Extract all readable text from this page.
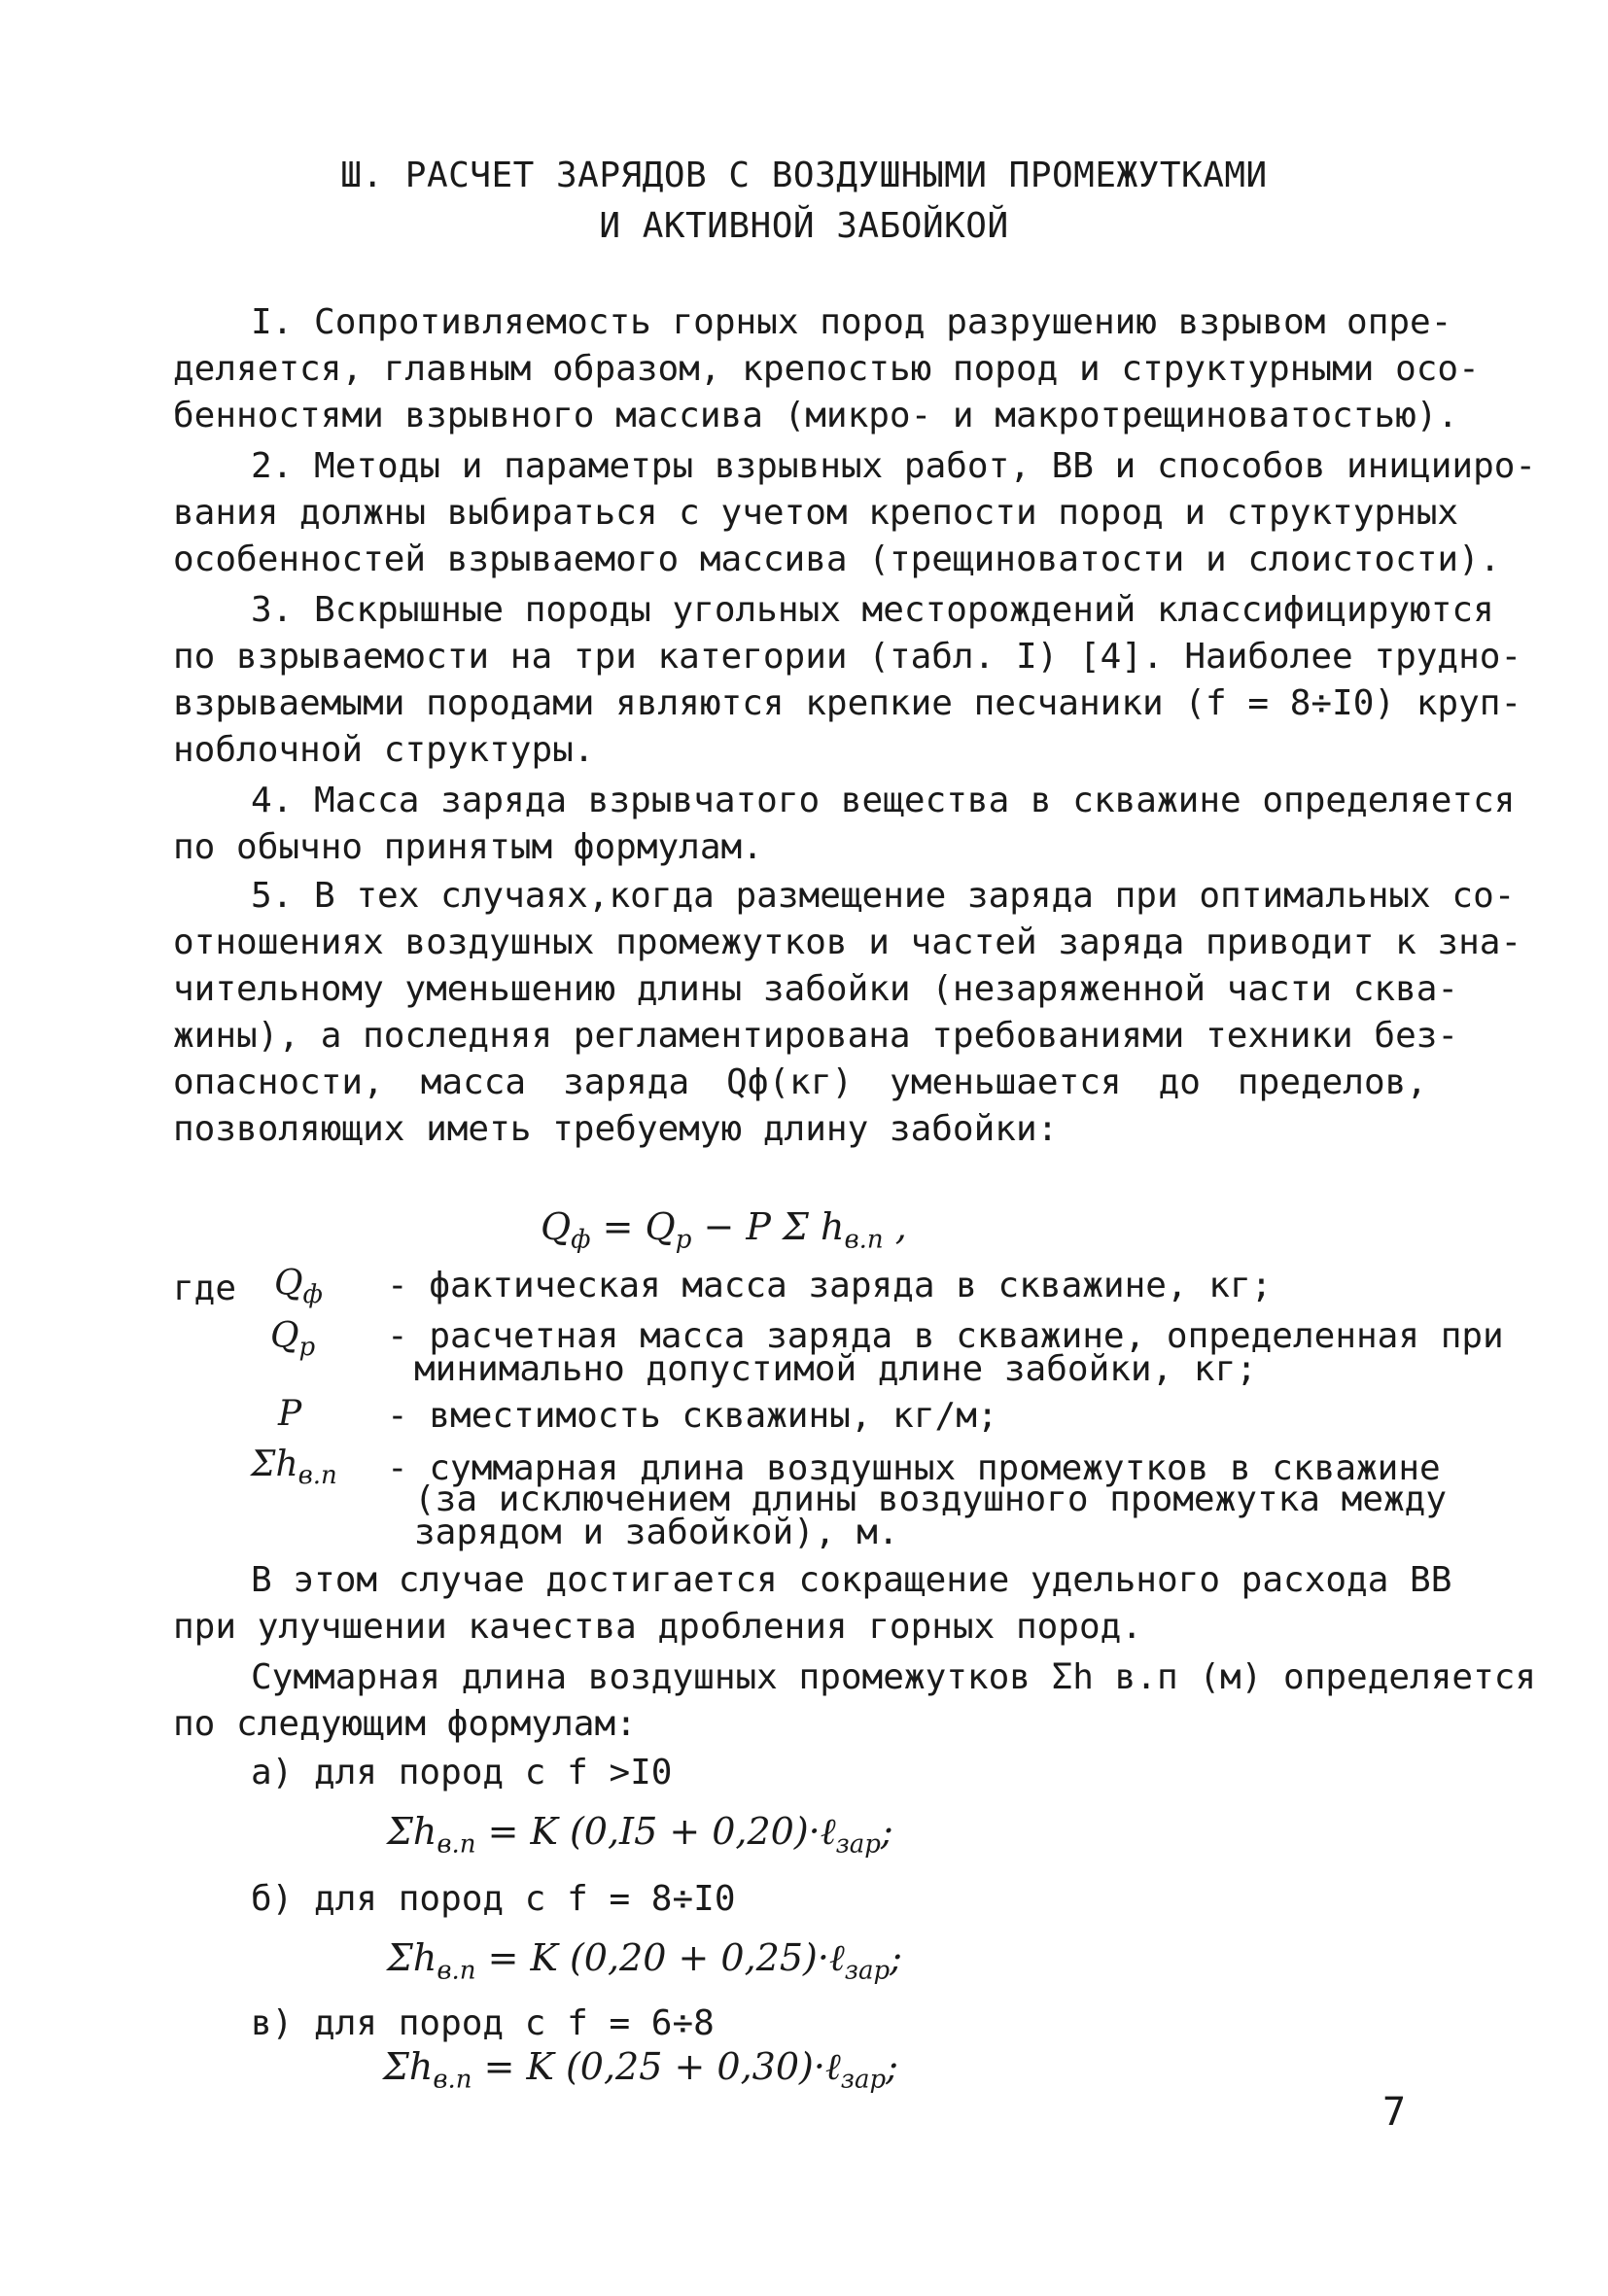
Ш. РАСЧЕТ ЗАРЯДОВ С ВОЗДУШНЫМИ ПРОМЕЖУТКАМИ
И АКТИВНОЙ ЗАБОЙКОЙ
I. Сопротивляемость горных пород разрушению взрывом опре-
деляется, главным образом, крепостью пород и структурными осо-
бенностями взрывного массива (микро- и макротрещиноватостью).
2. Методы и параметры взрывных работ, ВВ и способов иницииро-
вания должны выбираться с учетом крепости пород и структурных
особенностей взрываемого массива (трещиноватости и слоистости).
3. Вскрышные породы угольных месторождений классифицируются
по взрываемости на три категории (табл. I) [4]. Наиболее трудно-
взрываемыми породами являются крепкие песчаники (f = 8÷I0) круп-
ноблочной структуры.
4. Масса заряда взрывчатого вещества в скважине определяется
по обычно принятым формулам.
5. В тех случаях,когда размещение заряда при оптимальных со-
отношениях воздушных промежутков и частей заряда приводит к зна-
чительному уменьшению длины забойки (незаряженной части сква-
жины), а последняя регламентирована требованиями техники без-
опасности, масса заряда Qф(кг) уменьшается до пределов,
позволяющих иметь требуемую длину забойки:
$Q_ф = Q_р - P$ Σ $h_{в.п}$ ,
где	$Q_ф$ - фактическая масса заряда в скважине, кг;
$Q_р$ - расчетная масса заряда в скважине, определенная при
минимально допустимой длине забойки, кг;
P - вместимость скважины, кг/м;
$\Sigma h_{в.п}$ - суммарная длина воздушных промежутков в скважине
(за исключением длины воздушного промежутка между
зарядом и забойкой), м.
В этом случае достигается сокращение удельного расхода ВВ
при улучшении качества дробления горных пород.
Суммарная длина воздушных промежутков Σh в.п (м) определяется
по следующим формулам:
а) для пород с f >I0
$\Sigma h_{в.п} = K$ (0,I5 + 0,20)·ℓ$_{зар}$;
б) для пород с f = 8÷I0
$\Sigma h_{в.п} = K$ (0,20 + 0,25)·ℓ$_{зар}$;
в) для пород с f = 6÷8
$\Sigma h_{в.п} = K$ (0,25 + 0,30)·ℓ$_{зар}$;
7
